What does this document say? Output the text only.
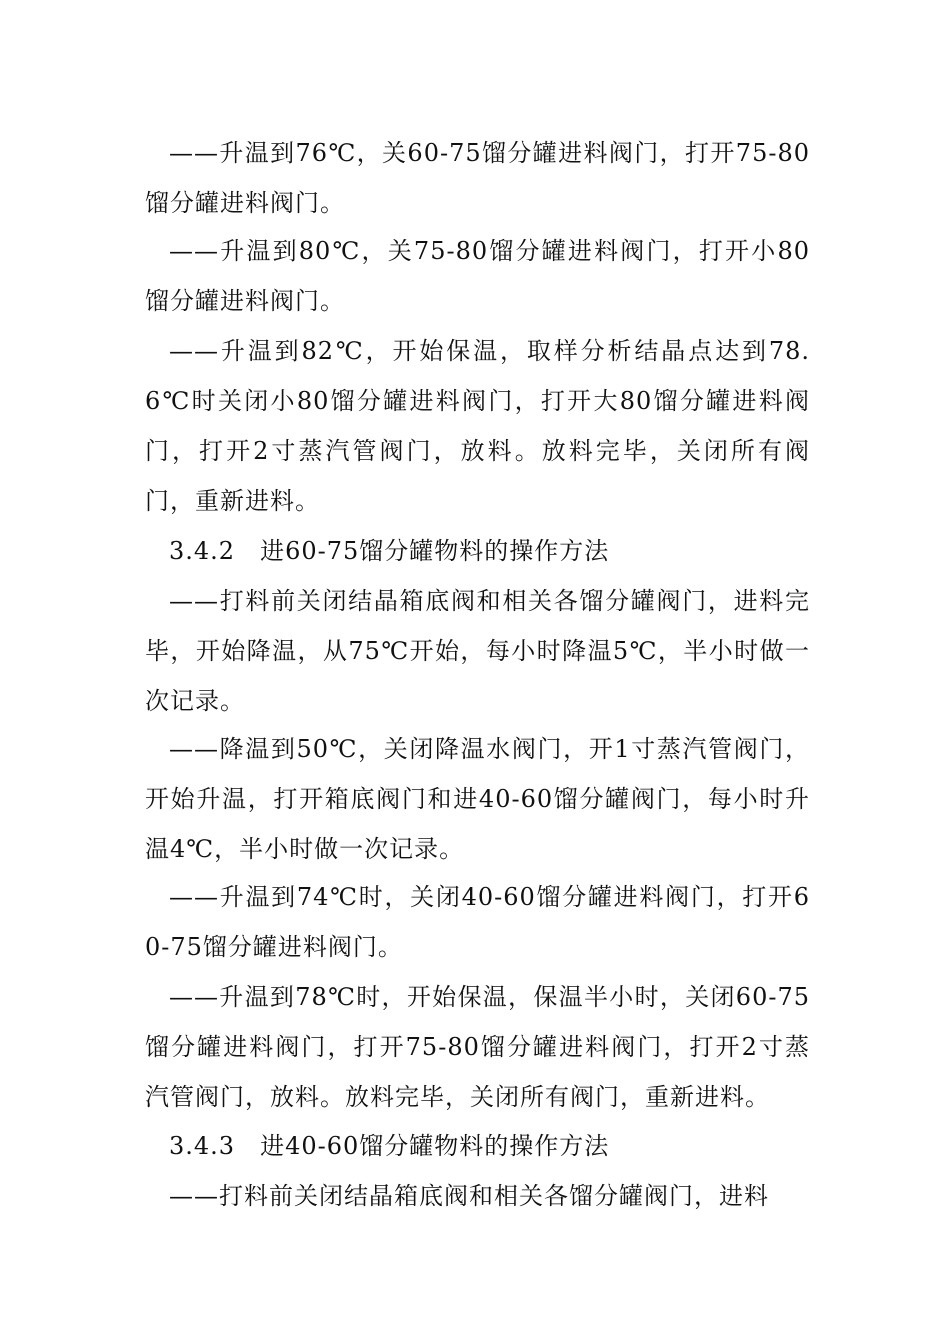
——升温到76℃，关60-75馏分罐进料阀门，打开75-80馏分罐进料阀门。

——升温到80℃，关75-80馏分罐进料阀门，打开小80馏分罐进料阀门。

——升温到82℃，开始保温，取样分析结晶点达到78.6℃时关闭小80馏分罐进料阀门，打开大80馏分罐进料阀门，打开2寸蒸汽管阀门，放料。放料完毕，关闭所有阀门，重新进料。

3.4.2　进60-75馏分罐物料的操作方法

——打料前关闭结晶箱底阀和相关各馏分罐阀门，进料完毕，开始降温，从75℃开始，每小时降温5℃，半小时做一次记录。

——降温到50℃，关闭降温水阀门，开1寸蒸汽管阀门，开始升温，打开箱底阀门和进40-60馏分罐阀门，每小时升温4℃，半小时做一次记录。

——升温到74℃时，关闭40-60馏分罐进料阀门，打开60-75馏分罐进料阀门。

——升温到78℃时，开始保温，保温半小时，关闭60-75馏分罐进料阀门，打开75-80馏分罐进料阀门，打开2寸蒸汽管阀门，放料。放料完毕，关闭所有阀门，重新进料。

3.4.3　进40-60馏分罐物料的操作方法

——打料前关闭结晶箱底阀和相关各馏分罐阀门，进料
